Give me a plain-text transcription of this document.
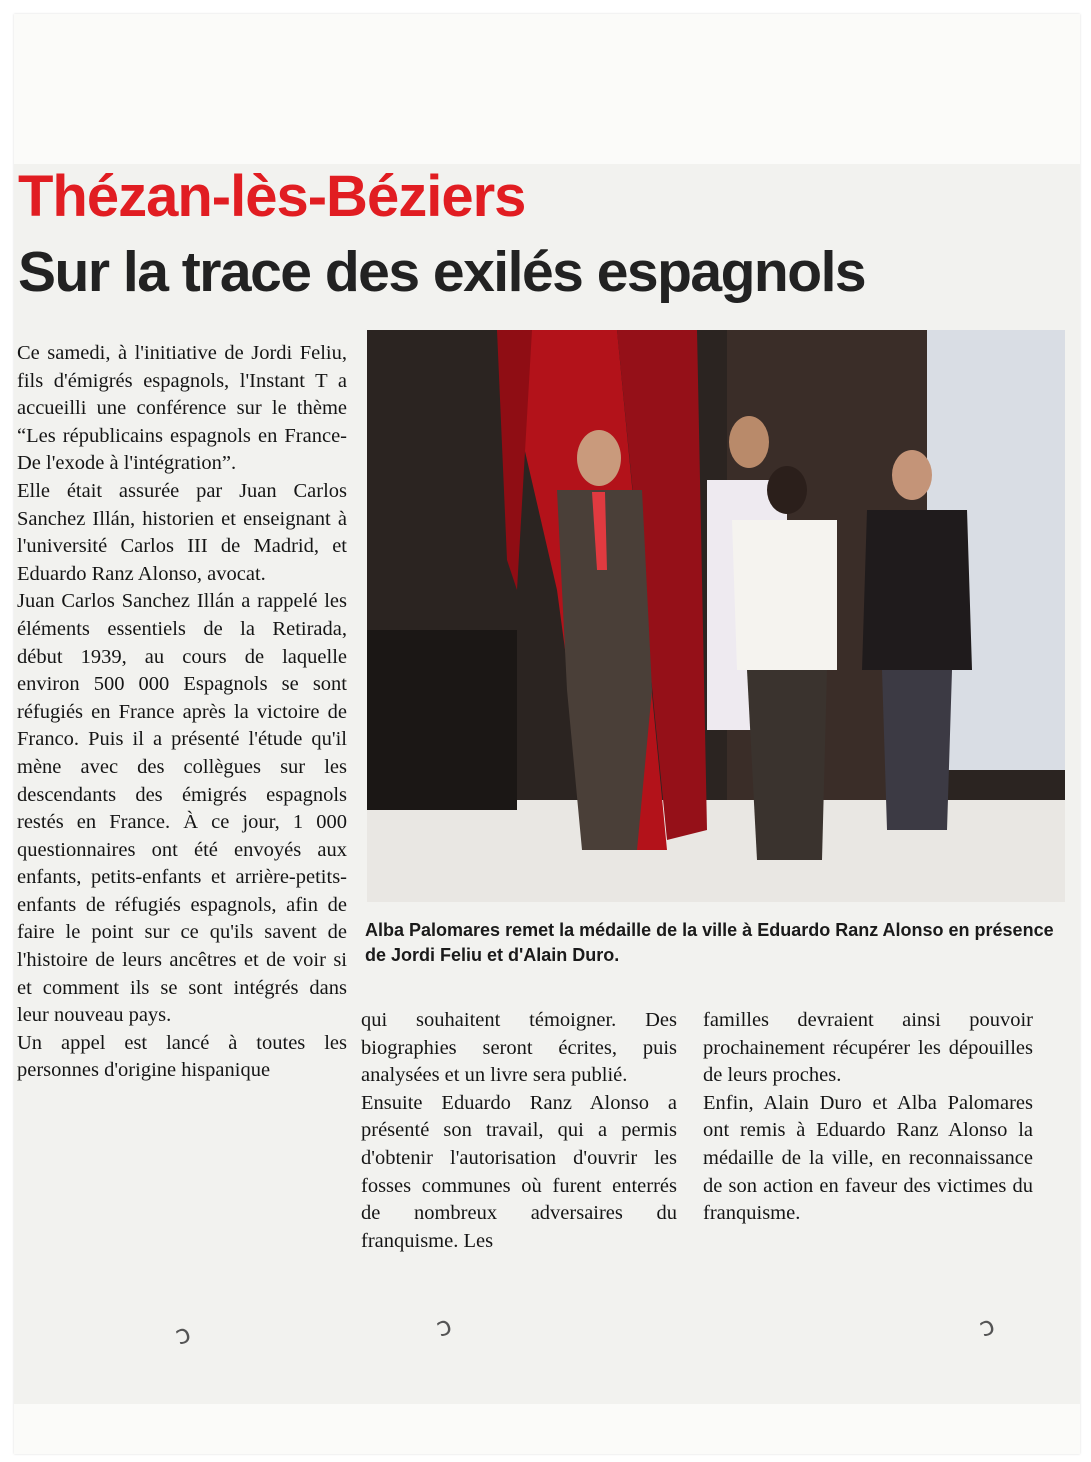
Thézan-lès-Béziers
Sur la trace des exilés espagnols

Ce samedi, à l'initiative de Jordi Feliu, fils d'émigrés espagnols, l'Instant T a accueilli une conférence sur le thème “Les républicains espagnols en France- De l'exode à l'intégration”.

Elle était assurée par Juan Carlos Sanchez Illán, historien et enseignant à l'université Carlos III de Madrid, et Eduardo Ranz Alonso, avocat.

Juan Carlos Sanchez Illán a rappelé les éléments essentiels de la Retirada, début 1939, au cours de laquelle environ 500 000 Espagnols se sont réfugiés en France après la victoire de Franco. Puis il a présenté l'étude qu'il mène avec des collègues sur les descendants des émigrés espagnols restés en France. À ce jour, 1 000 questionnaires ont été envoyés aux enfants, petits-enfants et arrière-petits-enfants de réfugiés espagnols, afin de faire le point sur ce qu'ils savent de l'histoire de leurs ancêtres et de voir si et comment ils se sont intégrés dans leur nouveau pays.

Un appel est lancé à toutes les personnes d'origine hispanique

Alba Palomares remet la médaille de la ville à Eduardo Ranz Alonso en présence de Jordi Feliu et d'Alain Duro.

qui souhaitent témoigner. Des biographies seront écrites, puis analysées et un livre sera publié.

Ensuite Eduardo Ranz Alonso a présenté son travail, qui a permis d'obtenir l'autorisation d'ouvrir les fosses communes où furent enterrés de nombreux adversaires du franquisme. Les

familles devraient ainsi pouvoir prochainement récupérer les dépouilles de leurs proches.

Enfin, Alain Duro et Alba Palomares ont remis à Eduardo Ranz Alonso la médaille de la ville, en reconnaissance de son action en faveur des victimes du franquisme.

ↄ	ↄ	ↄ
